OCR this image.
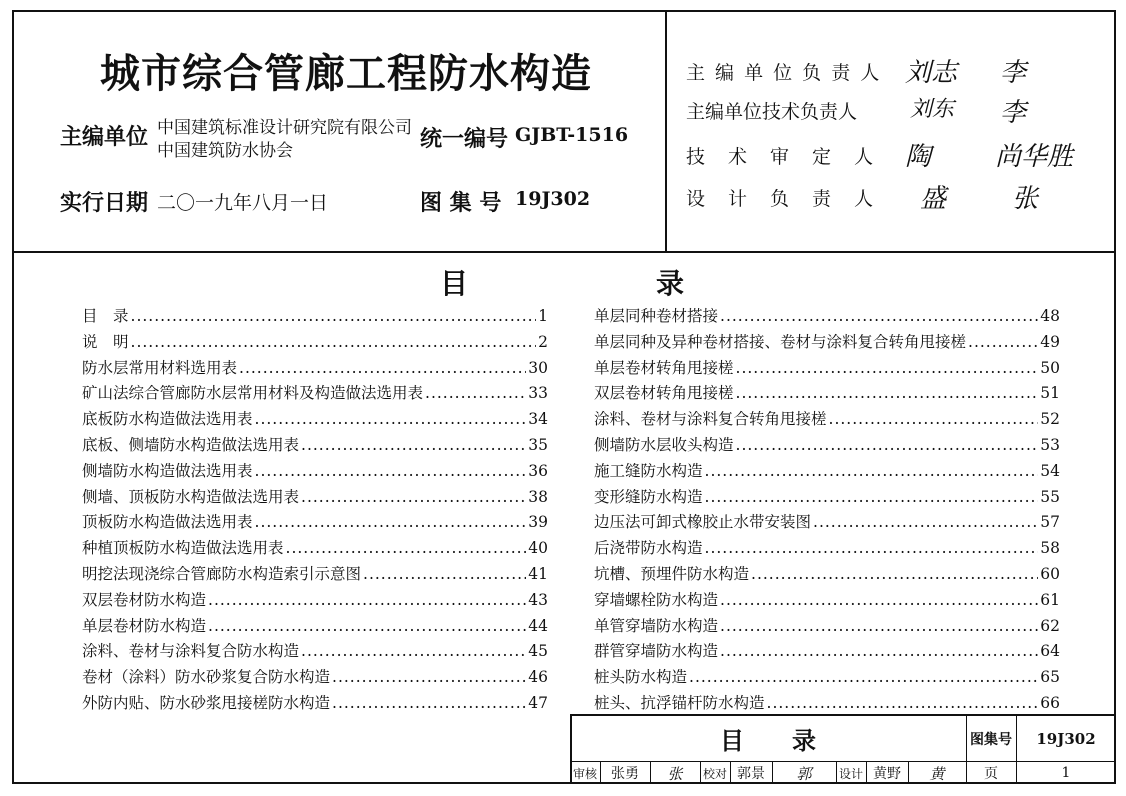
城市综合管廊工程防水构造
主编单位 中国建筑标准设计研究院有限公司
中国建筑防水协会	统一编号 GJBT-1516
实行日期 二〇一九年八月一日	图 集 号 19J302
主 编 单 位 负 责 人 刘志 李
主编单位技术负责人 刘东 李
技　术　审　定　人 陶 尚华胜
设　计　负　责　人 盛	张
目	录
目　录 .....	1
说　明 .....	2
防水层常用材料选用表 .....	30
矿山法综合管廊防水层常用材料及构造做法选用表 .....	33
底板防水构造做法选用表 .....	34
底板、侧墙防水构造做法选用表 .....	35
侧墙防水构造做法选用表 .....	36
侧墙、顶板防水构造做法选用表 .....	38
顶板防水构造做法选用表 .....	39
种植顶板防水构造做法选用表 .....	40
明挖法现浇综合管廊防水构造索引示意图 .....	41
双层卷材防水构造 .....	43
单层卷材防水构造 .....	44
涂料、卷材与涂料复合防水构造 .....	45
卷材（涂料）防水砂浆复合防水构造 .....	46
外防内贴、防水砂浆甩接槎防水构造 .....	47
单层同种卷材搭接 .....	48
单层同种及异种卷材搭接、卷材与涂料复合转角甩接槎 .....	49
单层卷材转角甩接槎 .....	50
双层卷材转角甩接槎 .....	51
涂料、卷材与涂料复合转角甩接槎 .....	52
侧墙防水层收头构造 .....	53
施工缝防水构造 .....	54
变形缝防水构造 .....	55
边压法可卸式橡胶止水带安装图 .....	57
后浇带防水构造 .....	58
坑槽、预埋件防水构造 .....	60
穿墙螺栓防水构造 .....	61
单管穿墙防水构造 .....	62
群管穿墙防水构造 .....	64
桩头防水构造 .....	65
桩头、抗浮锚杆防水构造 .....	66
目　　录	图集号	19J302
审核	张勇	张	校对 郭景	郭	设计 黄野	黄	页	1
